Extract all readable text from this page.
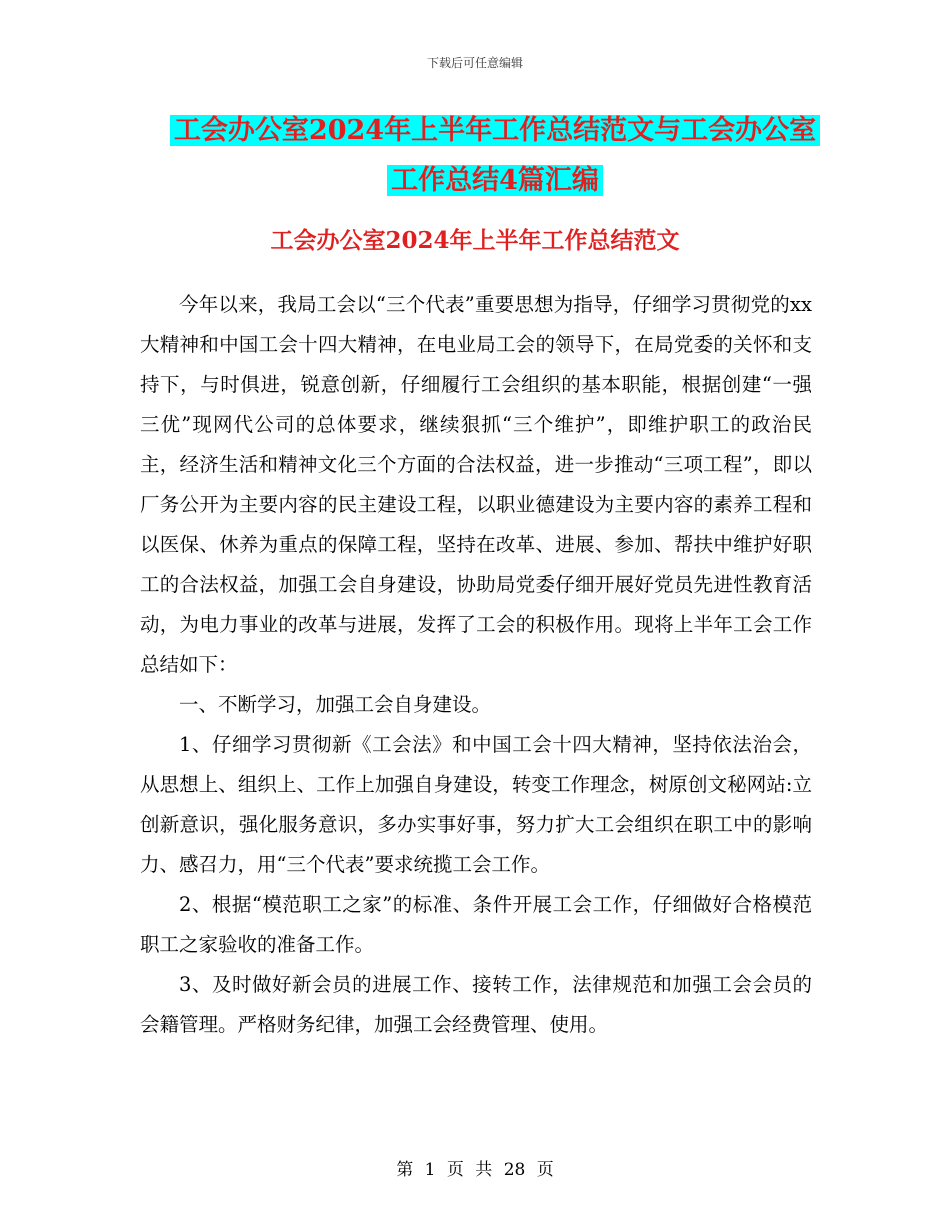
下载后可任意编辑
工会办公室2024年上半年工作总结范文与工会办公室
工作总结4篇汇编
工会办公室2024年上半年工作总结范文

今年以来，我局工会以“三个代表”重要思想为指导，仔细学习贯彻党的xx大精神和中国工会十四大精神，在电业局工会的领导下，在局党委的关怀和支持下，与时俱进，锐意创新，仔细履行工会组织的基本职能，根据创建“一强三优”现网代公司的总体要求，继续狠抓“三个维护”，即维护职工的政治民主，经济生活和精神文化三个方面的合法权益，进一步推动“三项工程”，即以厂务公开为主要内容的民主建设工程，以职业德建设为主要内容的素养工程和以医保、休养为重点的保障工程，坚持在改革、进展、参加、帮扶中维护好职工的合法权益，加强工会自身建设，协助局党委仔细开展好党员先进性教育活动，为电力事业的改革与进展，发挥了工会的积极作用。现将上半年工会工作总结如下：

一、不断学习，加强工会自身建设。

1、仔细学习贯彻新《工会法》和中国工会十四大精神，坚持依法治会，从思想上、组织上、工作上加强自身建设，转变工作理念，树原创文秘网站:立创新意识，强化服务意识，多办实事好事，努力扩大工会组织在职工中的影响力、感召力，用“三个代表”要求统揽工会工作。

2、根据“模范职工之家”的标准、条件开展工会工作，仔细做好合格模范职工之家验收的准备工作。

3、及时做好新会员的进展工作、接转工作，法律规范和加强工会会员的会籍管理。严格财务纪律，加强工会经费管理、使用。

第 1 页 共 28 页
